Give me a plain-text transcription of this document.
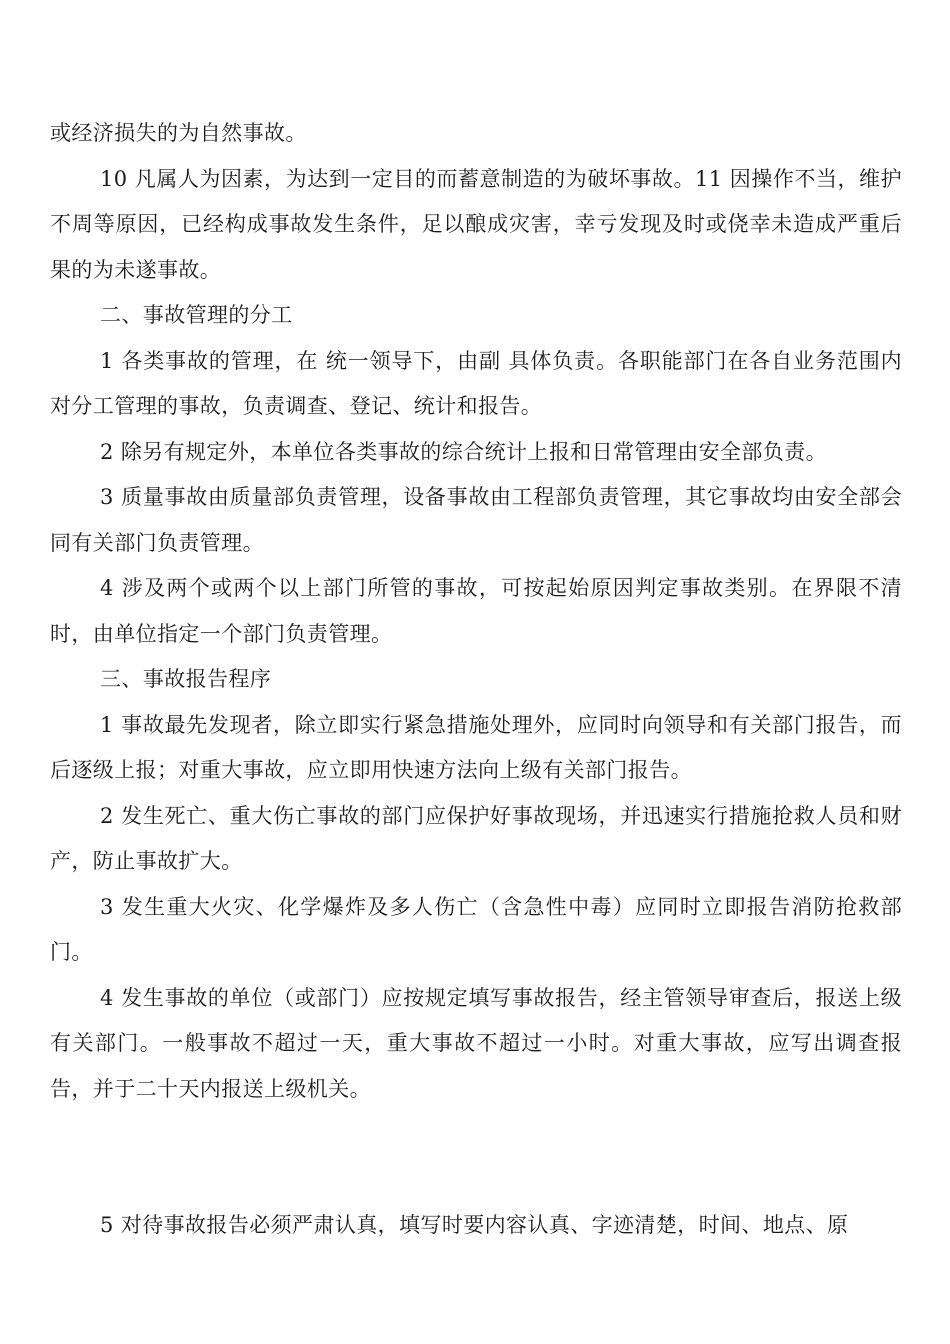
或经济损失的为自然事故。

10 凡属人为因素，为达到一定目的而蓄意制造的为破坏事故。11 因操作不当，维护不周等原因，已经构成事故发生条件，足以酿成灾害，幸亏发现及时或侥幸未造成严重后果的为未遂事故。

二、事故管理的分工

1 各类事故的管理，在 统一领导下，由副 具体负责。各职能部门在各自业务范围内对分工管理的事故，负责调查、登记、统计和报告。

2 除另有规定外，本单位各类事故的综合统计上报和日常管理由安全部负责。

3 质量事故由质量部负责管理，设备事故由工程部负责管理，其它事故均由安全部会同有关部门负责管理。

4 涉及两个或两个以上部门所管的事故，可按起始原因判定事故类别。在界限不清时，由单位指定一个部门负责管理。

三、事故报告程序

1 事故最先发现者，除立即实行紧急措施处理外，应同时向领导和有关部门报告，而后逐级上报；对重大事故，应立即用快速方法向上级有关部门报告。

2 发生死亡、重大伤亡事故的部门应保护好事故现场，并迅速实行措施抢救人员和财产，防止事故扩大。

3 发生重大火灾、化学爆炸及多人伤亡（含急性中毒）应同时立即报告消防抢救部门。

4 发生事故的单位（或部门）应按规定填写事故报告，经主管领导审查后，报送上级有关部门。一般事故不超过一天，重大事故不超过一小时。对重大事故，应写出调查报告，并于二十天内报送上级机关。

5 对待事故报告必须严肃认真，填写时要内容认真、字迹清楚，时间、地点、原
